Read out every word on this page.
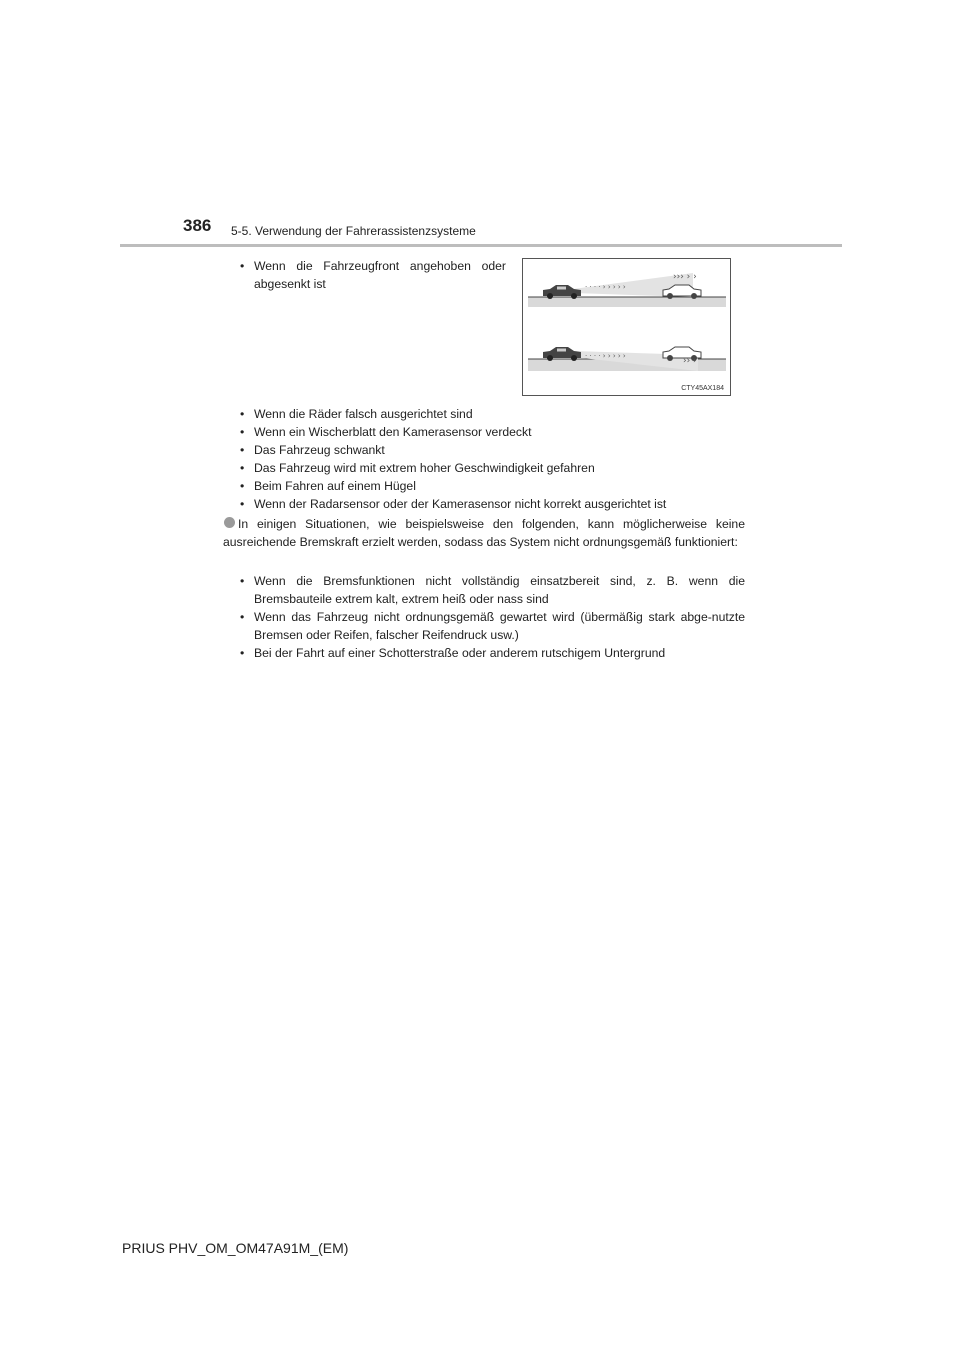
386 5-5. Verwendung der Fahrerassistenzsysteme
• Wenn die Fahrzeugfront angehoben oder abgesenkt ist	· · · · › › › › ›
››› › ›
· · · · › › › › ›	›› ›
CTY45AX184
• Wenn die Räder falsch ausgerichtet sind
• Wenn ein Wischerblatt den Kamerasensor verdeckt
• Das Fahrzeug schwankt
• Das Fahrzeug wird mit extrem hoher Geschwindigkeit gefahren
• Beim Fahren auf einem Hügel
• Wenn der Radarsensor oder der Kamerasensor nicht korrekt ausgerichtet ist
In einigen Situationen, wie beispielsweise den folgenden, kann möglicherweise keine ausreichende Bremskraft erzielt werden, sodass das System nicht ordnungsgemäß funktioniert:
• Wenn die Bremsfunktionen nicht vollständig einsatzbereit sind, z. B. wenn die Bremsbauteile extrem kalt, extrem heiß oder nass sind
• Wenn das Fahrzeug nicht ordnungsgemäß gewartet wird (übermäßig stark abge-nutzte Bremsen oder Reifen, falscher Reifendruck usw.)
• Bei der Fahrt auf einer Schotterstraße oder anderem rutschigem Untergrund
PRIUS PHV_OM_OM47A91M_(EM)
